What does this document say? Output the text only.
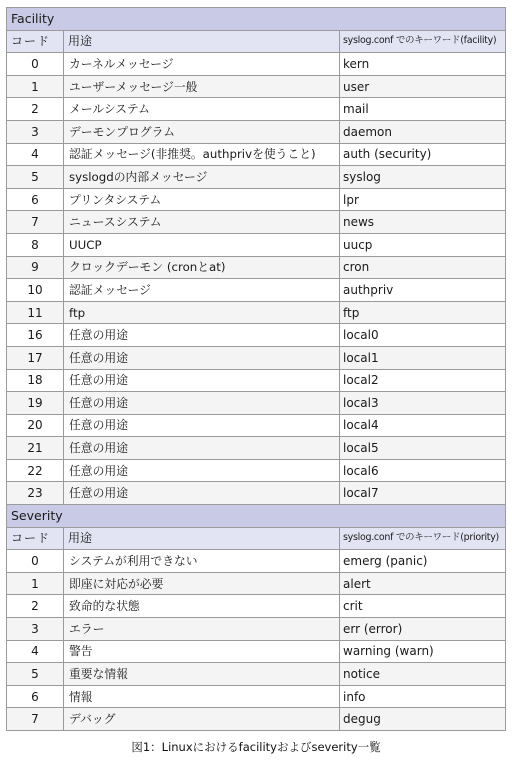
Facility		
コード	用途	syslog.conf でのキーワード(facility)
0	カーネルメッセージ	kern
1	ユーザーメッセージ一般	user
2	メールシステム	mail
3	デーモンプログラム	daemon
4	認証メッセージ(非推奨。authprivを使うこと)	auth (security)
5	syslogdの内部メッセージ	syslog
6	プリンタシステム	lpr
7	ニュースシステム	news
8	UUCP	uucp
9	クロックデーモン (cronとat)	cron
10	認証メッセージ	authpriv
11	ftp	ftp
16	任意の用途	local0
17	任意の用途	local1
18	任意の用途	local2
19	任意の用途	local3
20	任意の用途	local4
21	任意の用途	local5
22	任意の用途	local6
23	任意の用途	local7
Severity		
コード	用途	syslog.conf でのキーワード(priority)
0	システムが利用できない	emerg (panic)
1	即座に対応が必要	alert
2	致命的な状態	crit
3	エラー	err (error)
4	警告	warning (warn)
5	重要な情報	notice
6	情報	info
7	デバッグ	degug
図1：Linuxにおけるfacilityおよびseverity一覧
